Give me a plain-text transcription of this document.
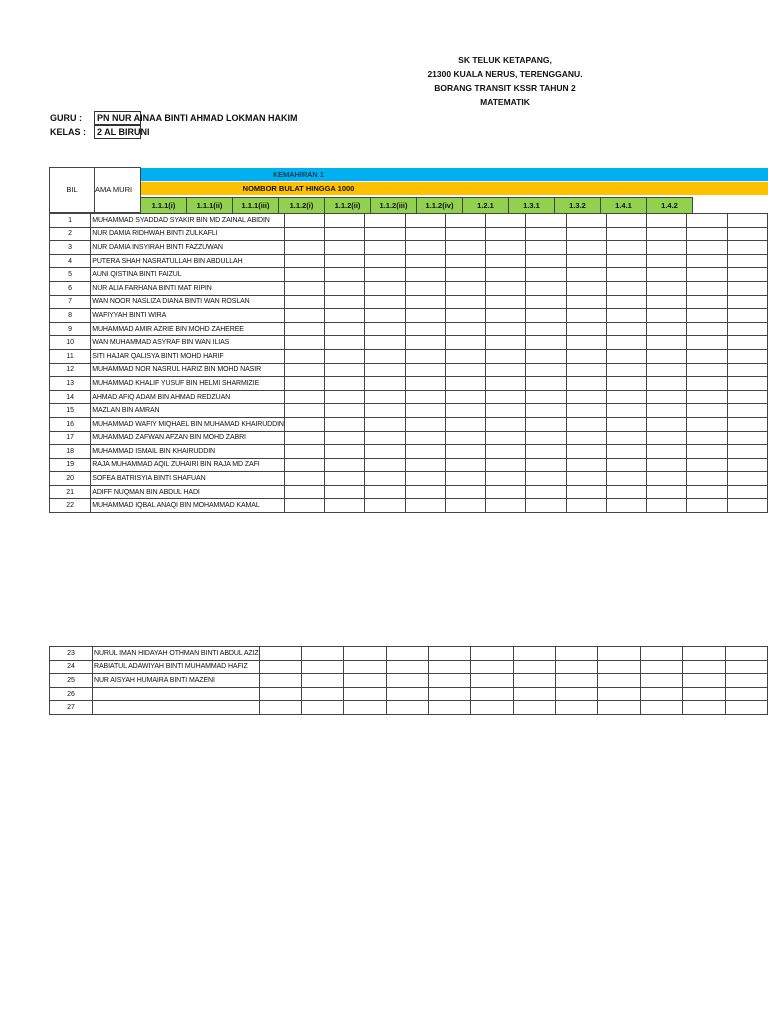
SK TELUK KETAPANG,
21300 KUALA NERUS, TERENGGANU.
BORANG TRANSIT KSSR TAHUN 2
MATEMATIK
GURU :	PN NUR AINAA BINTI AHMAD LOKMAN HAKIM
KELAS :	2 AL BIRUNI
BIL	AMA MURI
KEMAHIRAN 1
NOMBOR BULAT HINGGA 1000
1.1.1(i)	1.1.1(ii)	1.1.1(iii)	1.1.2(i)	1.1.2(ii)	1.1.2(iii)	1.1.2(iv)	1.2.1	1.3.1	1.3.2	1.4.1	1.4.2
1	MUHAMMAD SYADDAD SYAKIR BIN MD ZAINAL ABIDIN												
2	NUR DAMIA RIDHWAH BINTI ZULKAFLI												
3	NUR DAMIA INSYIRAH BINTI FAZZUWAN												
4	PUTERA SHAH NASRATULLAH BIN ABDULLAH												
5	AUNI QISTINA BINTI FAIZUL												
6	NUR ALIA FARHANA BINTI MAT RIPIN												
7	WAN NOOR NASLIZA DIANA BINTI WAN ROSLAN												
8	WAFIYYAH BINTI WIRA												
9	MUHAMMAD AMIR AZRIE BIN MOHD ZAHEREE												
10	WAN MUHAMMAD ASYRAF BIN WAN ILIAS												
11	SITI HAJAR QALISYA BINTI MOHD HARIF												
12	MUHAMMAD NOR NASRUL HARIZ BIN MOHD NASIR												
13	MUHAMMAD KHALIF YUSUF BIN HELMI SHARMIZIE												
14	AHMAD AFIQ ADAM BIN AHMAD REDZUAN												
15	MAZLAN BIN AMRAN												
16	MUHAMMAD WAFIY MIQHAEL BIN MUHAMAD KHAIRUDDIN												
17	MUHAMMAD ZAFWAN AFZAN BIN MOHD ZABRI												
18	MUHAMMAD ISMAIL BIN KHAIRUDDIN												
19	RAJA MUHAMMAD AQIL ZUHAIRI BIN RAJA MD ZAFI												
20	SOFEA BATRISYIA BINTI SHAFUAN												
21	ADIFF NUQMAN BIN ABDUL HADI												
22	MUHAMMAD IQBAL ANAQI BIN MOHAMMAD KAMAL												
23	NURUL IMAN HIDAYAH OTHMAN BINTI ABDUL AZIZ												
24	RABIATUL ADAWIYAH BINTI MUHAMMAD HAFIZ												
25	NUR AISYAH HUMAIRA BINTI MAZENI												
26													
27													
